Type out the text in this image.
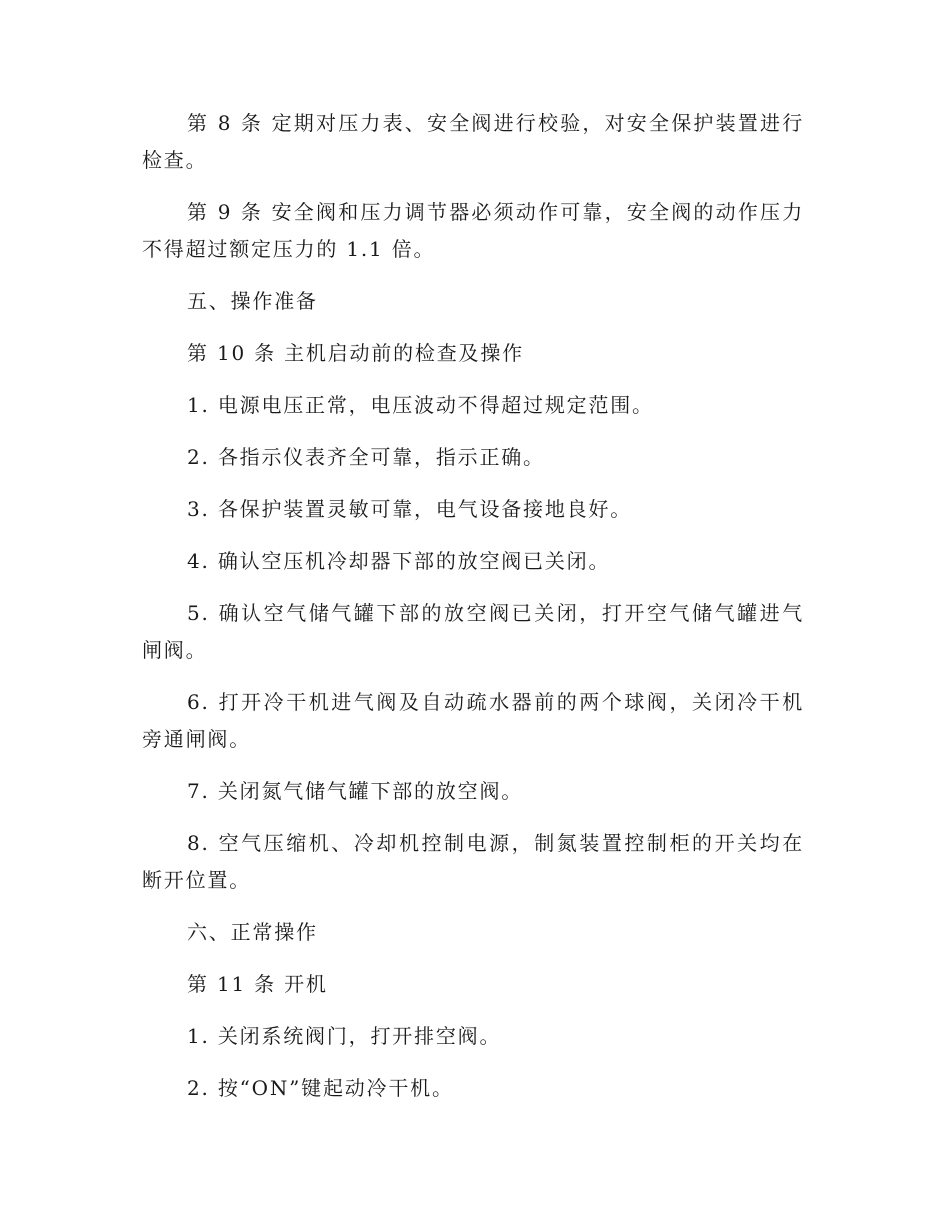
第 8 条 定期对压力表、安全阀进行校验，对安全保护装置进行检查。

第 9 条 安全阀和压力调节器必须动作可靠，安全阀的动作压力不得超过额定压力的 1.1 倍。

五、操作准备

第 10 条 主机启动前的检查及操作

1. 电源电压正常，电压波动不得超过规定范围。

2. 各指示仪表齐全可靠，指示正确。

3. 各保护装置灵敏可靠，电气设备接地良好。

4. 确认空压机冷却器下部的放空阀已关闭。

5. 确认空气储气罐下部的放空阀已关闭，打开空气储气罐进气闸阀。

6. 打开冷干机进气阀及自动疏水器前的两个球阀，关闭冷干机旁通闸阀。

7. 关闭氮气储气罐下部的放空阀。

8. 空气压缩机、冷却机控制电源，制氮装置控制柜的开关均在断开位置。

六、正常操作

第 11 条 开机

1. 关闭系统阀门，打开排空阀。

2. 按“ON”键起动冷干机。
